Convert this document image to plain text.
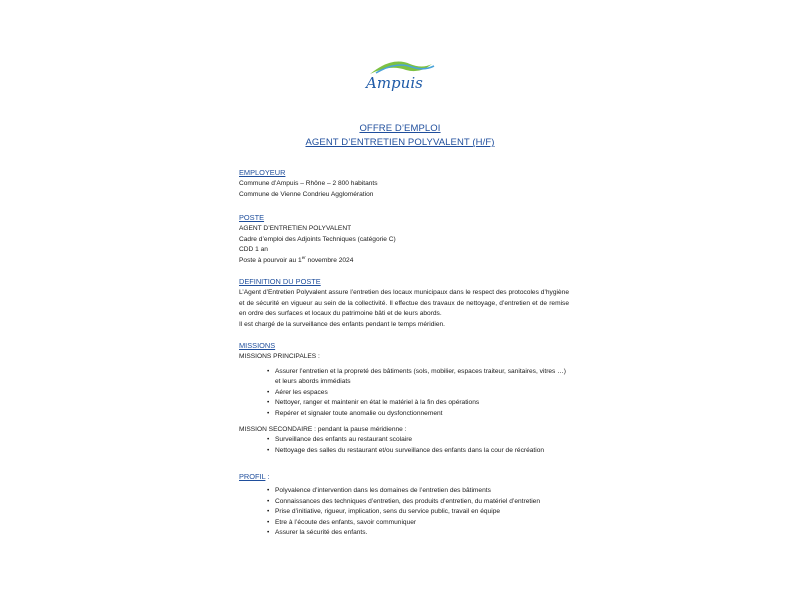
Ampuis
OFFRE D’EMPLOI
AGENT D’ENTRETIEN POLYVALENT (H/F)
EMPLOYEUR
Commune d’Ampuis – Rhône – 2 800 habitants
Commune de Vienne Condrieu Agglomération
POSTE
AGENT D’ENTRETIEN POLYVALENT
Cadre d’emploi des Adjoints Techniques (catégorie C)
CDD 1 an
Poste à pourvoir au 1er novembre 2024
DEFINITION DU POSTE
L’Agent d’Entretien Polyvalent assure l’entretien des locaux municipaux dans le respect des protocoles d’hygiène et de sécurité en vigueur au sein de la collectivité. Il effectue des travaux de nettoyage, d’entretien et de remise en ordre des surfaces et locaux du patrimoine bâti et de leurs abords.
Il est chargé de la surveillance des enfants pendant le temps méridien.
MISSIONS
MISSIONS PRINCIPALES :
• Assurer l’entretien et la propreté des bâtiments (sols, mobilier, espaces traiteur, sanitaires, vitres …) et leurs abords immédiats
• Aérer les espaces
• Nettoyer, ranger et maintenir en état le matériel à la fin des opérations
• Repérer et signaler toute anomalie ou dysfonctionnement
MISSION SECONDAIRE : pendant la pause méridienne :
• Surveillance des enfants au restaurant scolaire
• Nettoyage des salles du restaurant et/ou surveillance des enfants dans la cour de récréation
PROFIL :
• Polyvalence d’intervention dans les domaines de l’entretien des bâtiments
• Connaissances des techniques d’entretien, des produits d’entretien, du matériel d’entretien
• Prise d’initiative, rigueur, implication, sens du service public, travail en équipe
• Etre à l’écoute des enfants, savoir communiquer
• Assurer la sécurité des enfants.
